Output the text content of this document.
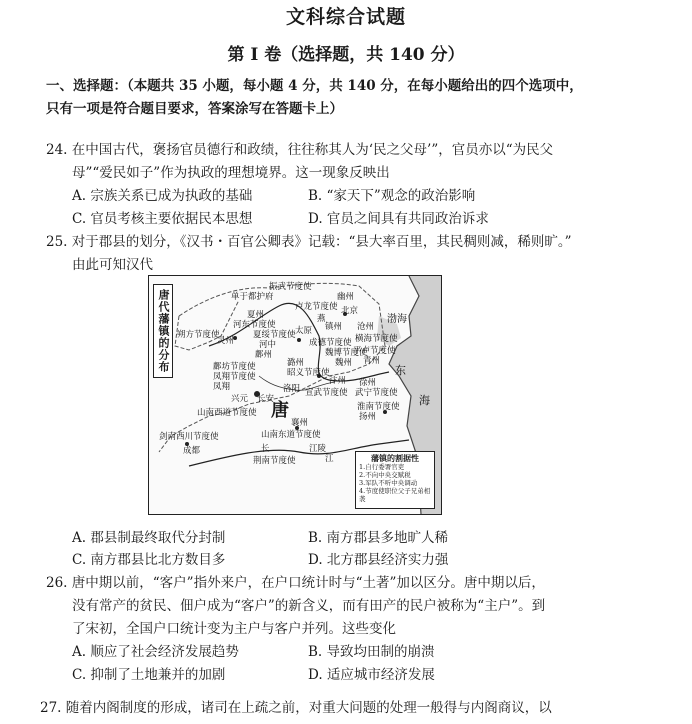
文科综合试题
第 I 卷（选择题，共 140 分）
一、选择题：（本题共 35 小题，每小题 4 分，共 140 分，在每小题给出的四个选项中，
只有一项是符合题目要求，答案涂写在答题卡上）
24. 在中国古代，褒扬官员德行和政绩，往往称其人为‘民之父母’”，官员亦以“为民父
母”“爱民如子”作为执政的理想境界。这一现象反映出
A. 宗族关系已成为执政的基础	B. “家天下”观念的政治影响
C. 官员考核主要依据民本思想	D. 官员之间具有共同政治诉求
25. 对于郡县的划分，《汉书・百官公卿表》记载：“县大率百里，其民稠则减，稀则旷。”
由此可知汉代
唐代藩镇的分布
振武节度使
单于都护府	幽州
卢龙节度使
夏州	北京
燕
河东节度使	镇州 沧州
朔方节度使	夏绥节度使 太原
成德节度使 横海节度使
灵州	河中
魏博节度使
渤海
鄜州
魏州
平卢节度使
鄜坊节度使	潞州	青州
凤翔节度使	昭义节度使
凤翔
汴州 徐州
洛阳 宣武节度使 武宁节度使
兴元 长安
山南西道节度使 唐
东
海
淮南节度使
扬州
襄州
剑南西川节度使	山南东道节度使
长	江陵
成都
荆南节度使	江	藩镇的割据性
1.自行委署官吏
2.不向中央交赋税
3.军队不听中央调动
4.节度使职位父子兄弟相袭
A. 郡县制最终取代分封制	B. 南方郡县多地旷人稀
C. 南方郡县比北方数目多	D. 北方郡县经济实力强
26. 唐中期以前，“客户”指外来户，在户口统计时与“土著”加以区分。唐中期以后，
没有常产的贫民、佃户成为“客户”的新含义，而有田产的民户被称为“主户”。到
了宋初，全国户口统计变为主户与客户并列。这些变化
A. 顺应了社会经济发展趋势	B. 导致均田制的崩溃
C. 抑制了土地兼并的加剧	D. 适应城市经济发展
27. 随着内阁制度的形成，诸司在上疏之前，对重大问题的处理一般得与内阁商议，以
